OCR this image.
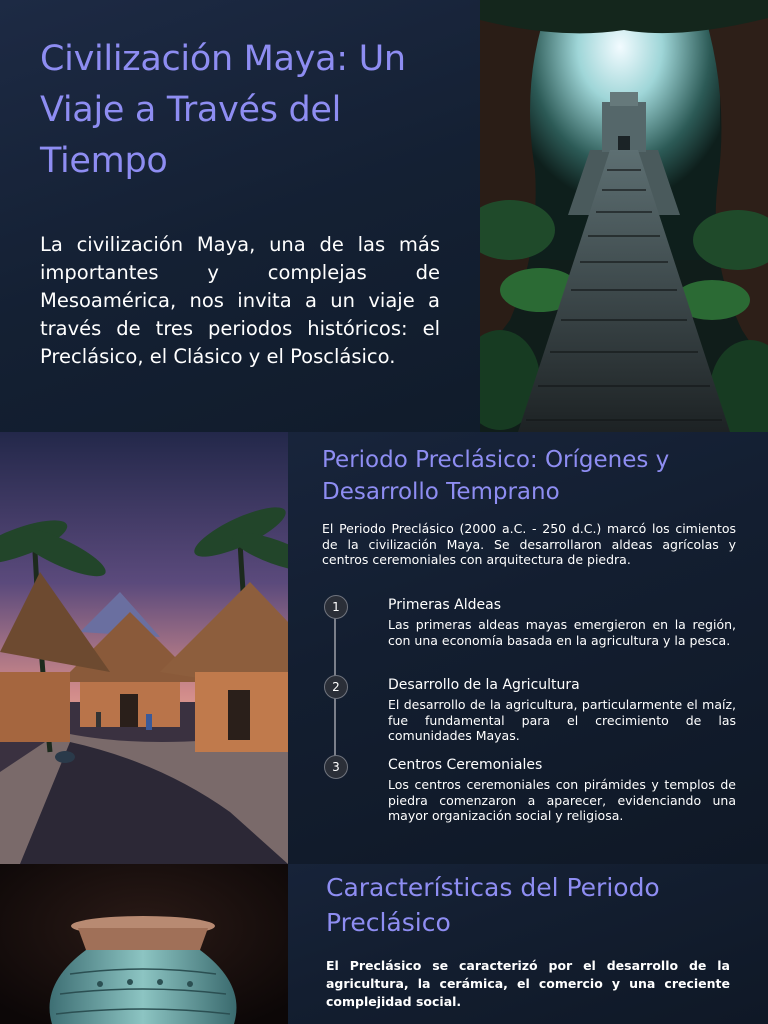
Civilización Maya: Un Viaje a Través del Tiempo

La civilización Maya, una de las más importantes y complejas de Mesoamérica, nos invita a un viaje a través de tres periodos históricos: el Preclásico, el Clásico y el Posclásico.

Periodo Preclásico: Orígenes y Desarrollo Temprano

El Periodo Preclásico (2000 a.C. - 250 d.C.) marcó los cimientos de la civilización Maya. Se desarrollaron aldeas agrícolas y centros ceremoniales con arquitectura de piedra.

1	Primeras Aldeas

Las primeras aldeas mayas emergieron en la región, con una economía basada en la agricultura y la pesca.

2	Desarrollo de la Agricultura

El desarrollo de la agricultura, particularmente el maíz, fue fundamental para el crecimiento de las comunidades Mayas.

3	Centros Ceremoniales

Los centros ceremoniales con pirámides y templos de piedra comenzaron a aparecer, evidenciando una mayor organización social y religiosa.

Características del Periodo Preclásico

El Preclásico se caracterizó por el desarrollo de la agricultura, la cerámica, el comercio y una creciente complejidad social.
